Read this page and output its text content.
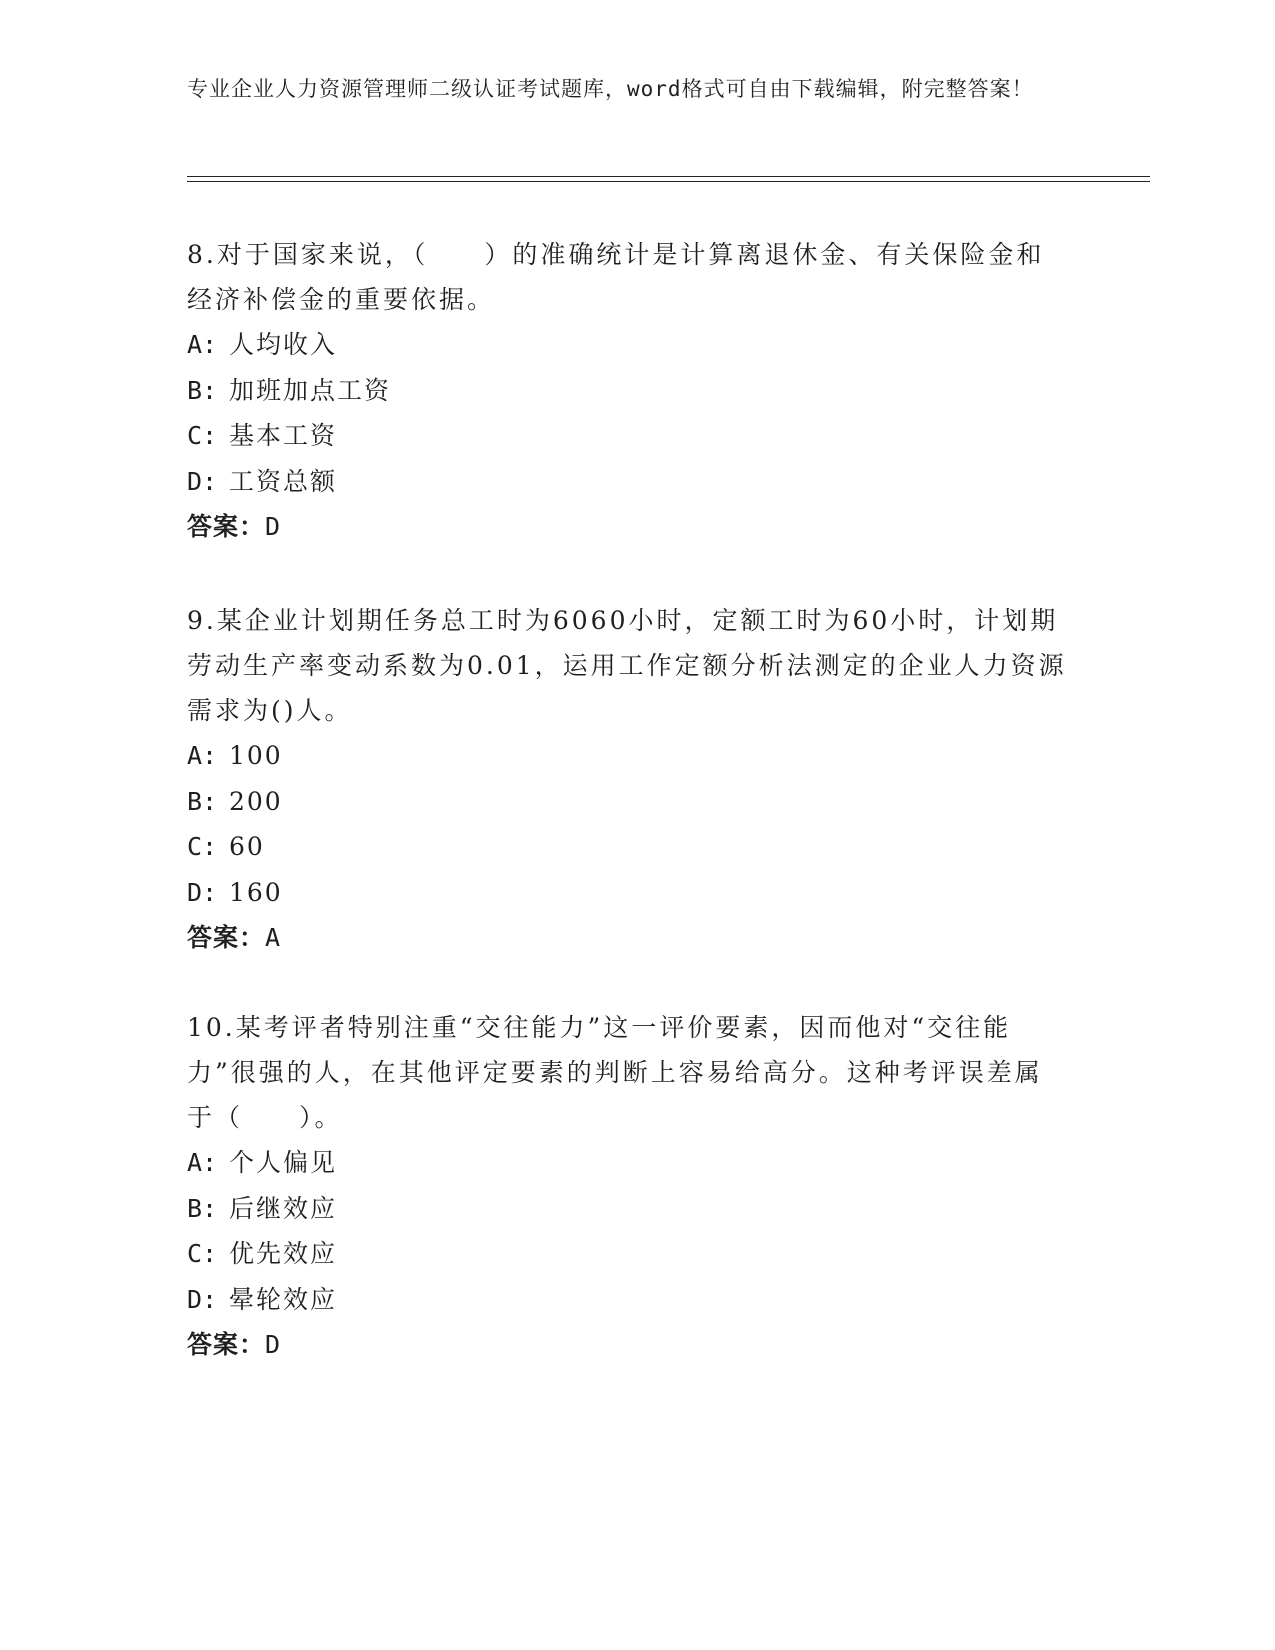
专业企业人力资源管理师二级认证考试题库，word格式可自由下载编辑，附完整答案！
8.对于国家来说，（　　）的准确统计是计算离退休金、有关保险金和经济补偿金的重要依据。
A: 人均收入
B: 加班加点工资
C: 基本工资
D: 工资总额
答案：D
9.某企业计划期任务总工时为6060小时，定额工时为60小时，计划期劳动生产率变动系数为0.01，运用工作定额分析法测定的企业人力资源需求为()人。
A: 100
B: 200
C: 60
D: 160
答案：A
10.某考评者特别注重“交往能力”这一评价要素，因而他对“交往能力”很强的人，在其他评定要素的判断上容易给高分。这种考评误差属于（　　）。
A: 个人偏见
B: 后继效应
C: 优先效应
D: 晕轮效应
答案：D
